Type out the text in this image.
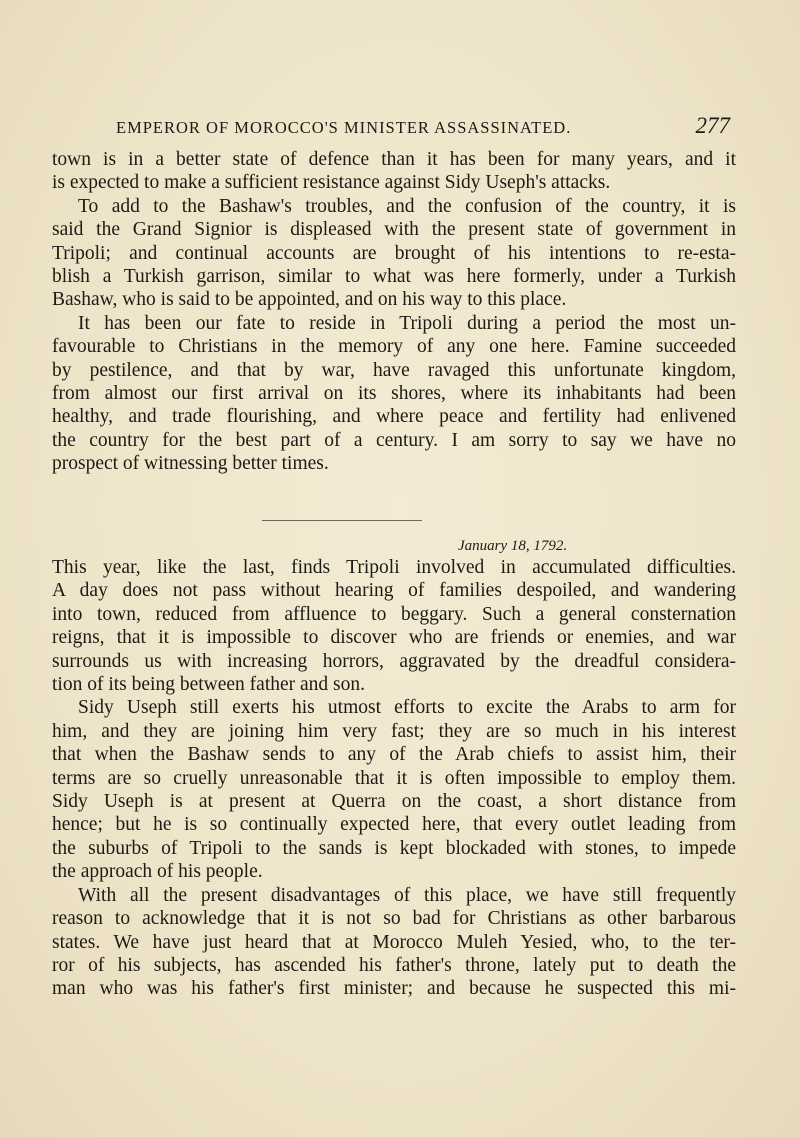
EMPEROR OF MOROCCO'S MINISTER ASSASSINATED.	277
town is in a better state of defence than it has been for many years, and it
is expected to make a sufficient resistance against Sidy Useph's attacks.
To add to the Bashaw's troubles, and the confusion of the country, it is
said the Grand Signior is displeased with the present state of government in
Tripoli; and continual accounts are brought of his intentions to re-esta-
blish a Turkish garrison, similar to what was here formerly, under a Turkish
Bashaw, who is said to be appointed, and on his way to this place.
It has been our fate to reside in Tripoli during a period the most un-
favourable to Christians in the memory of any one here. Famine succeeded
by pestilence, and that by war, have ravaged this unfortunate kingdom,
from almost our first arrival on its shores, where its inhabitants had been
healthy, and trade flourishing, and where peace and fertility had enlivened
the country for the best part of a century. I am sorry to say we have no
prospect of witnessing better times.
January 18, 1792.
This year, like the last, finds Tripoli involved in accumulated difficulties.
A day does not pass without hearing of families despoiled, and wandering
into town, reduced from affluence to beggary. Such a general consternation
reigns, that it is impossible to discover who are friends or enemies, and war
surrounds us with increasing horrors, aggravated by the dreadful considera-
tion of its being between father and son.
Sidy Useph still exerts his utmost efforts to excite the Arabs to arm for
him, and they are joining him very fast; they are so much in his interest
that when the Bashaw sends to any of the Arab chiefs to assist him, their
terms are so cruelly unreasonable that it is often impossible to employ them.
Sidy Useph is at present at Querra on the coast, a short distance from
hence; but he is so continually expected here, that every outlet leading from
the suburbs of Tripoli to the sands is kept blockaded with stones, to impede
the approach of his people.
With all the present disadvantages of this place, we have still frequently
reason to acknowledge that it is not so bad for Christians as other barbarous
states. We have just heard that at Morocco Muleh Yesied, who, to the ter-
ror of his subjects, has ascended his father's throne, lately put to death the
man who was his father's first minister; and because he suspected this mi-
